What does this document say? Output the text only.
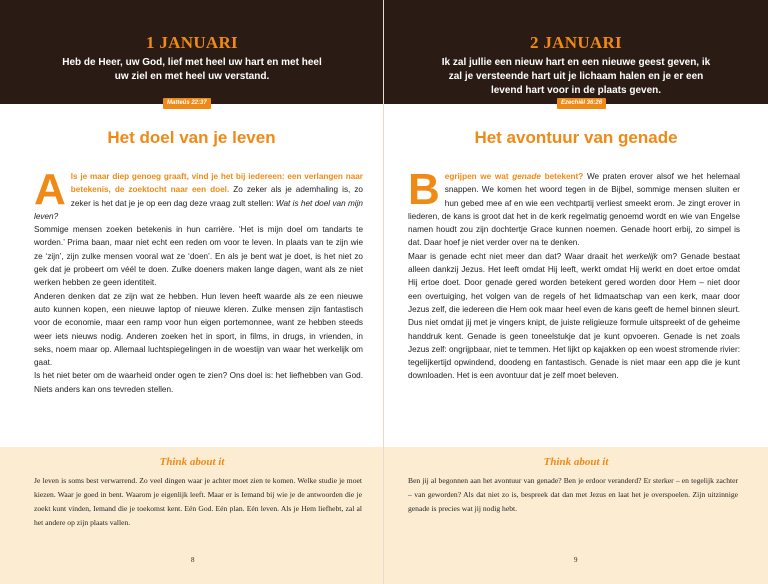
1 JANUARI
Heb de Heer, uw God, lief met heel uw hart en met heel uw ziel en met heel uw verstand.
Matteüs 22:37
Het doel van je leven

Als je maar diep genoeg graaft, vind je het bij iedereen: een verlangen naar betekenis, de zoektocht naar een doel. Zo zeker als je ademhaling is, zo zeker is het dat je je op een dag deze vraag zult stellen: Wat is het doel van mijn leven?

Sommige mensen zoeken betekenis in hun carrière. ‘Het is mijn doel om tandarts te worden.’ Prima baan, maar niet echt een reden om voor te leven. In plaats van te zijn wie ze ‘zijn’, zijn zulke mensen vooral wat ze ‘doen’. En als je bent wat je doet, is het niet zo gek dat je probeert om véél te doen. Zulke doeners maken lange dagen, want als ze niet werken hebben ze geen identiteit.

Anderen denken dat ze zijn wat ze hebben. Hun leven heeft waarde als ze een nieuwe auto kunnen kopen, een nieuwe laptop of nieuwe kleren. Zulke mensen zijn fantastisch voor de economie, maar een ramp voor hun eigen portemonnee, want ze hebben steeds weer iets nieuws nodig. Anderen zoeken het in sport, in films, in drugs, in vrienden, in seks, noem maar op. Allemaal luchtspiegelingen in de woestijn van waar het werkelijk om gaat.

Is het niet beter om de waarheid onder ogen te zien? Ons doel is: het liefhebben van God. Niets anders kan ons tevreden stellen.

Think about it
Je leven is soms best verwarrend. Zo veel dingen waar je achter moet zien te komen. Welke studie je moet kiezen. Waar je goed in bent. Waarom je eigenlijk leeft. Maar er is Iemand bij wie je de antwoorden die je zoekt kunt vinden, Iemand die je toekomst kent. Eén God. Eén plan. Eén leven. Als je Hem liefhebt, zal al het andere op zijn plaats vallen.
8
2 JANUARI
Ik zal jullie een nieuw hart en een nieuwe geest geven, ik zal je versteende hart uit je lichaam halen en je er een levend hart voor in de plaats geven.
Ezechiël 36:26
Het avontuur van genade

Begrijpen we wat genade betekent? We praten erover alsof we het helemaal snappen. We komen het woord tegen in de Bijbel, sommige mensen sluiten er hun gebed mee af en wie een vechtpartij verliest smeekt erom. Je zingt erover in liederen, de kans is groot dat het in de kerk regelmatig genoemd wordt en wie van Engelse namen houdt zou zijn dochtertje Grace kunnen noemen. Genade hoort erbij, zo simpel is dat. Daar hoef je niet verder over na te denken.

Maar is genade echt niet meer dan dat? Waar draait het werkelijk om? Genade bestaat alleen dankzij Jezus. Het leeft omdat Hij leeft, werkt omdat Hij werkt en doet ertoe omdat Hij ertoe doet. Door genade gered worden betekent gered worden door Hem – niet door een overtuiging, het volgen van de regels of het lidmaatschap van een kerk, maar door Jezus zelf, die iedereen die Hem ook maar heel even de kans geeft de hemel binnen sleurt. Dus niet omdat jij met je vingers knipt, de juiste religieuze formule uitspreekt of de geheime handdruk kent. Genade is geen toneelstukje dat je kunt opvoeren. Genade is net zoals Jezus zelf: ongrijpbaar, niet te temmen. Het lijkt op kajakken op een woest stromende rivier: tegelijkertijd opwindend, doodeng en fantastisch. Genade is niet maar een app die je kunt downloaden. Het is een avontuur dat je zelf moet beleven.

Think about it
Ben jij al begonnen aan het avontuur van genade? Ben je erdoor veranderd? Er sterker – en tegelijk zachter – van geworden? Als dat niet zo is, bespreek dat dan met Jezus en laat het je overspoelen. Zijn uitzinnige genade is precies wat jij nodig hebt.
9
